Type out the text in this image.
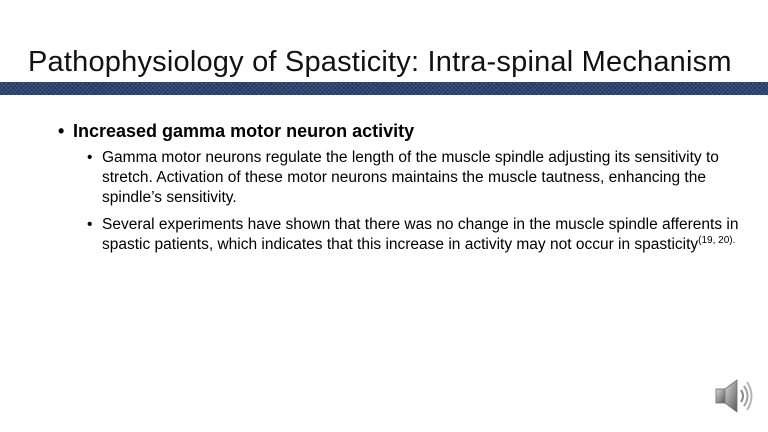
Pathophysiology of Spasticity: Intra-spinal Mechanism
• Increased gamma motor neuron activity
• Gamma motor neurons regulate the length of the muscle spindle adjusting its sensitivity to stretch. Activation of these motor neurons maintains the muscle tautness, enhancing the spindle’s sensitivity.
• Several experiments have shown that there was no change in the muscle spindle afferents in spastic patients, which indicates that this increase in activity may not occur in spasticity$^{(19, 20).}$
